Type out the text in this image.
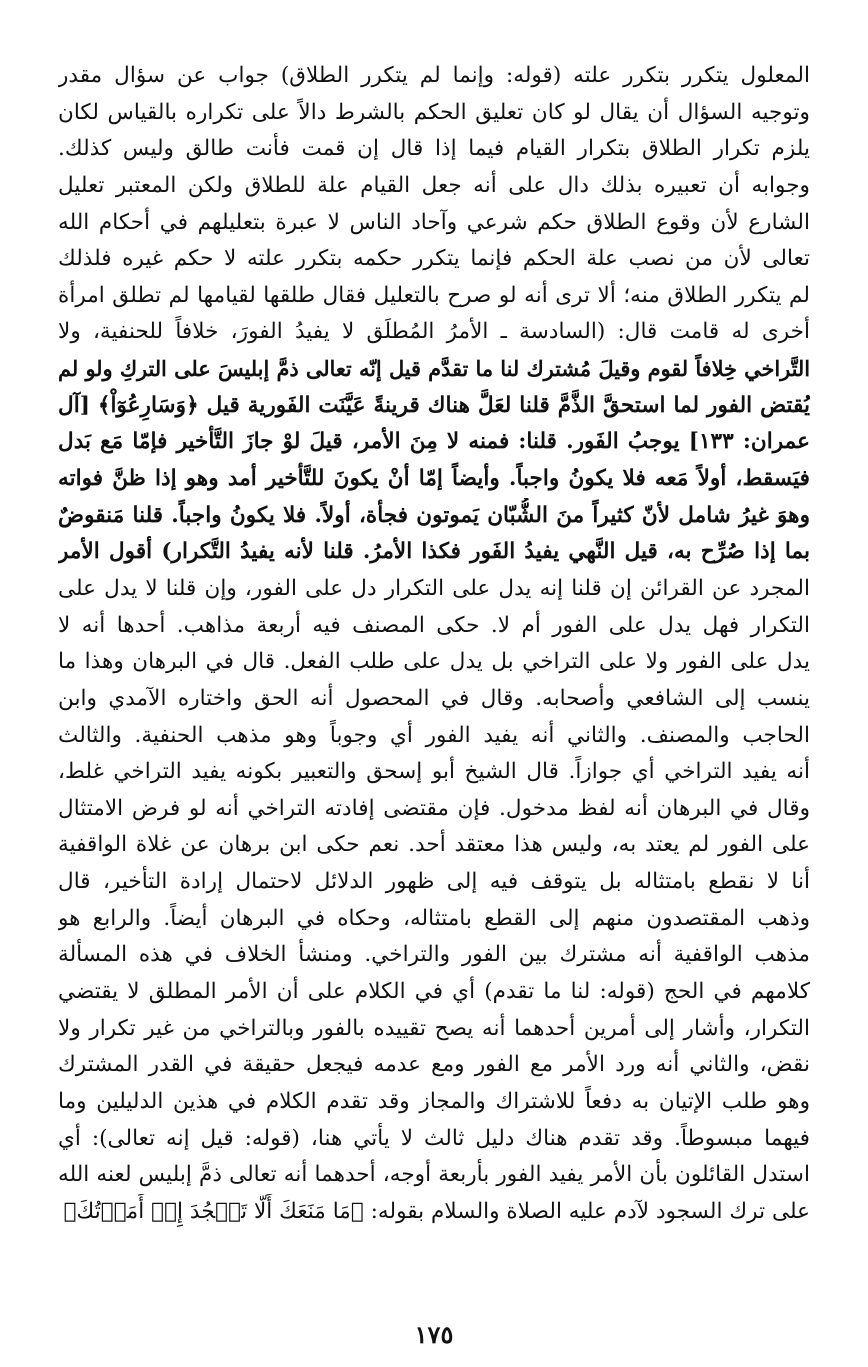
المعلول يتكرر بتكرر علته (قوله: وإنما لم يتكرر الطلاق) جواب عن سؤال مقدر
وتوجيه السؤال أن يقال لو كان تعليق الحكم بالشرط دالاً على تكراره بالقياس لكان
يلزم تكرار الطلاق بتكرار القيام فيما إذا قال إن قمت فأنت طالق وليس كذلك.
وجوابه أن تعبيره بذلك دال على أنه جعل القيام علة للطلاق ولكن المعتبر تعليل
الشارع لأن وقوع الطلاق حكم شرعي وآحاد الناس لا عبرة بتعليلهم في أحكام الله
تعالى لأن من نصب علة الحكم فإنما يتكرر حكمه بتكرر علته لا حكم غيره فلذلك
لم يتكرر الطلاق منه؛ ألا ترى أنه لو صرح بالتعليل فقال طلقها لقيامها لم تطلق امرأة
أخرى له قامت قال: (السادسة ـ الأمرُ المُطلَق لا يفيدُ الفورَ، خلافاً للحنفية، ولا
التَّراخي خِلافاً لقوم وقيلَ مُشترك لنا ما تقدَّم قيل إنّه تعالى ذمَّ إبليسَ على التركِ ولو لم
يُقتض الفور لما استحقَّ الذَّمَّ قلنا لعَلَّ هناك قرينةً عَيَّنَت الفَورية قيل ﴿وَسَارِعُوٓاْ﴾ [آل
عمران: ١٣٣] يوجبُ الفَور. قلنا: فمنه لا مِنَ الأمر، قيلَ لوْ جازَ التَّأخير فإمّا مَع بَدل
فيَسقط، أولاً مَعه فلا يكونُ واجباً. وأيضاً إمّا أنْ يكونَ للتَّأخير أمد وهو إذا ظنَّ فواته
وهوَ غيرُ شامل لأنّ كثيراً منَ الشُّبّان يَموتون فجأة، أولاً. فلا يكونُ واجباً. قلنا مَنقوضٌ
بما إذا صُرِّح به، قيل النَّهي يفيدُ الفَور فكذا الأمرُ. قلنا لأنه يفيدُ التَّكرار) أقول الأمر
المجرد عن القرائن إن قلنا إنه يدل على التكرار دل على الفور، وإن قلنا لا يدل على
التكرار فهل يدل على الفور أم لا. حكى المصنف فيه أربعة مذاهب. أحدها أنه لا
يدل على الفور ولا على التراخي بل يدل على طلب الفعل. قال في البرهان وهذا ما
ينسب إلى الشافعي وأصحابه. وقال في المحصول أنه الحق واختاره الآمدي وابن
الحاجب والمصنف. والثاني أنه يفيد الفور أي وجوباً وهو مذهب الحنفية. والثالث
أنه يفيد التراخي أي جوازاً. قال الشيخ أبو إسحق والتعبير بكونه يفيد التراخي غلط،
وقال في البرهان أنه لفظ مدخول. فإن مقتضى إفادته التراخي أنه لو فرض الامتثال
على الفور لم يعتد به، وليس هذا معتقد أحد. نعم حكى ابن برهان عن غلاة الواقفية
أنا لا نقطع بامتثاله بل يتوقف فيه إلى ظهور الدلائل لاحتمال إرادة التأخير، قال
وذهب المقتصدون منهم إلى القطع بامتثاله، وحكاه في البرهان أيضاً. والرابع هو
مذهب الواقفية أنه مشترك بين الفور والتراخي. ومنشأ الخلاف في هذه المسألة
كلامهم في الحج (قوله: لنا ما تقدم) أي في الكلام على أن الأمر المطلق لا يقتضي
التكرار، وأشار إلى أمرين أحدهما أنه يصح تقييده بالفور وبالتراخي من غير تكرار ولا
نقض، والثاني أنه ورد الأمر مع الفور ومع عدمه فيجعل حقيقة في القدر المشترك
وهو طلب الإتيان به دفعاً للاشتراك والمجاز وقد تقدم الكلام في هذين الدليلين وما
فيهما مبسوطاً. وقد تقدم هناك دليل ثالث لا يأتي هنا، (قوله: قيل إنه تعالى): أي
استدل القائلون بأن الأمر يفيد الفور بأربعة أوجه، أحدهما أنه تعالى ذمَّ إبليس لعنه الله
على ترك السجود لآدم عليه الصلاة والسلام بقوله: ﴿مَا مَنَعَكَ أَلَّا تَسۡجُدَ إِذۡ أَمَرۡتُكَ﴾
١٧٥
